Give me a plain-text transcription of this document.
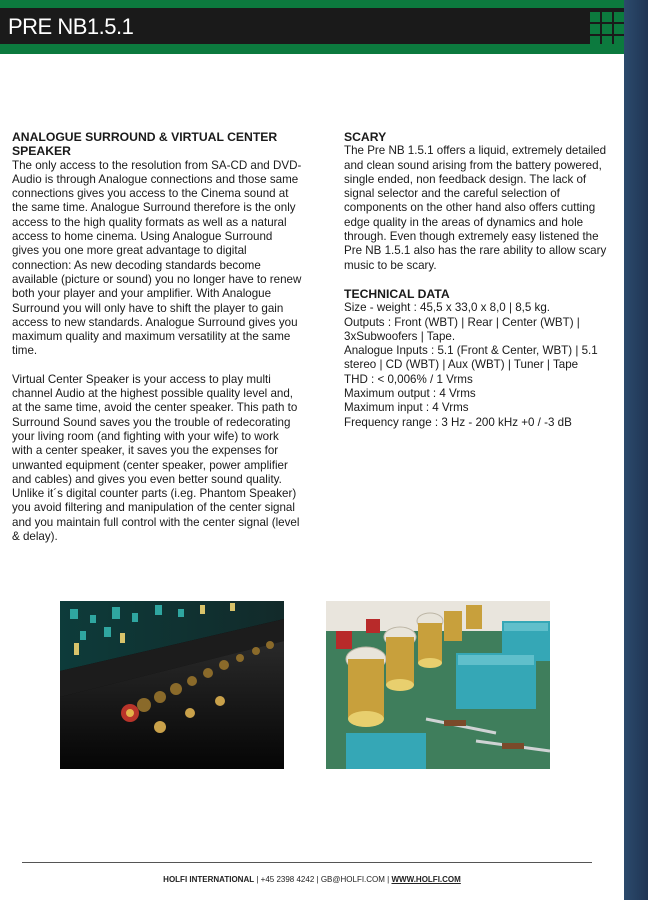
PRE NB1.5.1

ANALOGUE SURROUND & VIRTUAL CENTER SPEAKER

The only access to the resolution from SA-CD and DVD-Audio is through Analogue connections and those same connections gives you access to the Cinema sound at the same time. Analogue Surround therefore is the only access to the high quality formats as well as a natural access to home cinema. Using Analogue Surround gives you one more great advantage to digital connection: As new decoding standards become available (picture or sound) you no longer have to renew both your player and your amplifier. With Analogue Surround you will only have to shift the player to gain access to new standards. Analogue Surround gives you maximum quality and maximum versatility at the same time.

Virtual Center Speaker is your access to play multi channel Audio at the highest possible quality level and, at the same time, avoid the center speaker. This path to Surround Sound saves you the trouble of redecorating your living room (and fighting with your wife) to work with a center speaker, it saves you the expenses for unwanted equipment (center speaker, power amplifier and cables) and gives you even better sound quality. Unlike it´s digital counter parts (i.eg. Phantom Speaker) you avoid filtering and manipulation of the center signal and you maintain full control with the center signal (level & delay).

SCARY

The Pre NB 1.5.1 offers a liquid, extremely detailed and clean sound arising from the battery powered, single ended, non feedback design. The lack of signal selector and the careful selection of components on the other hand also offers cutting edge quality in the areas of dynamics and hole through. Even though extremely easy listened the Pre NB 1.5.1 also has the rare ability to allow scary music to be scary.

TECHNICAL DATA

Size - weight : 45,5 x 33,0 x 8,0 | 8,5 kg.

Outputs : Front (WBT) | Rear | Center (WBT) | 3xSubwoofers | Tape.

Analogue Inputs : 5.1 (Front & Center, WBT) | 5.1 stereo | CD (WBT) | Aux (WBT) | Tuner | Tape

THD : < 0,006% / 1 Vrms

Maximum output : 4 Vrms

Maximum input : 4 Vrms

Frequency range : 3 Hz - 200 kHz +0 / -3 dB

HOLFI INTERNATIONAL | +45 2398 4242 | GB@HOLFI.COM | WWW.HOLFI.COM
